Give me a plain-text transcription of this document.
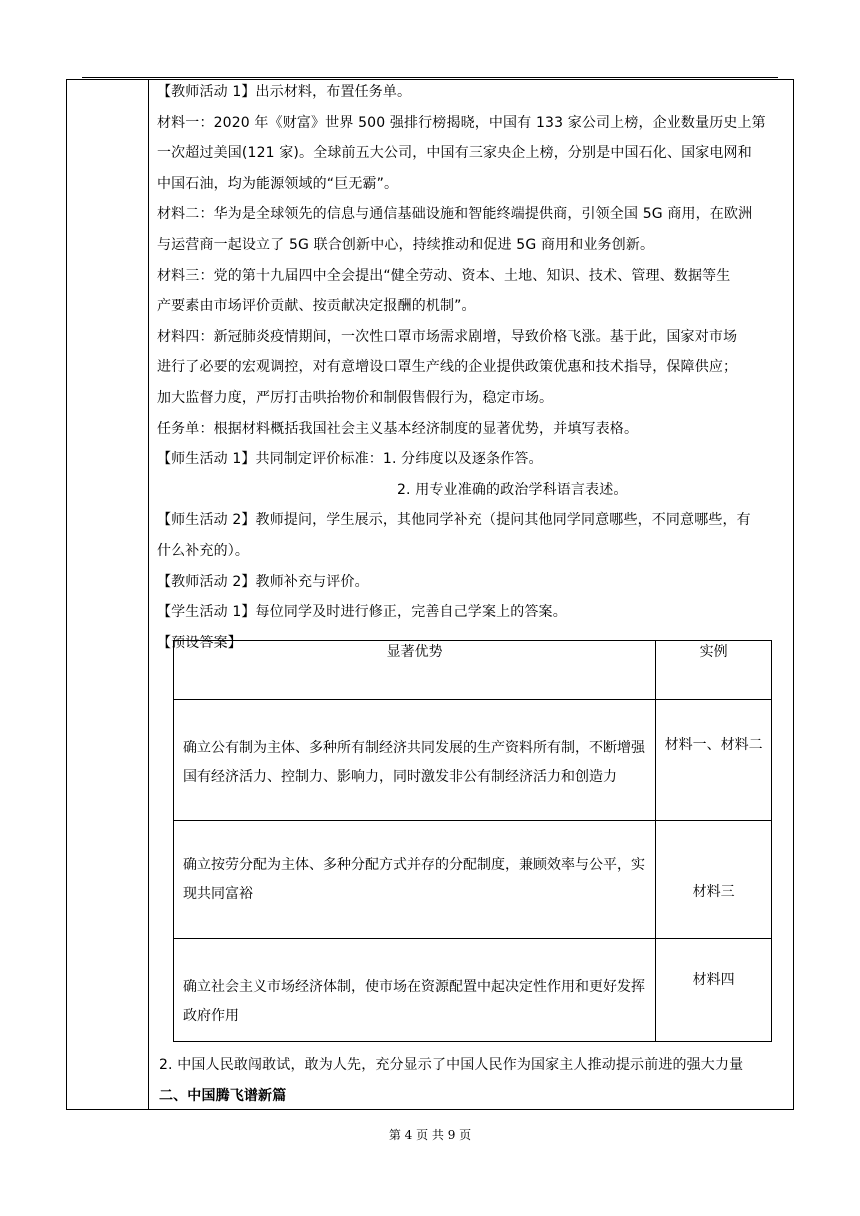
【教师活动 1】出示材料，布置任务单。
材料一：2020 年《财富》世界 500 强排行榜揭晓，中国有 133 家公司上榜，企业数量历史上第
一次超过美国(121 家)。全球前五大公司，中国有三家央企上榜，分别是中国石化、国家电网和
中国石油，均为能源领域的“巨无霸”。
材料二：华为是全球领先的信息与通信基础设施和智能终端提供商，引领全国 5G 商用，在欧洲
与运营商一起设立了 5G 联合创新中心，持续推动和促进 5G 商用和业务创新。
材料三：党的第十九届四中全会提出“健全劳动、资本、土地、知识、技术、管理、数据等生
产要素由市场评价贡献、按贡献决定报酬的机制”。
材料四：新冠肺炎疫情期间，一次性口罩市场需求剧增，导致价格飞涨。基于此，国家对市场
进行了必要的宏观调控，对有意增设口罩生产线的企业提供政策优惠和技术指导，保障供应；
加大监督力度，严厉打击哄抬物价和制假售假行为，稳定市场。
任务单：根据材料概括我国社会主义基本经济制度的显著优势，并填写表格。
【师生活动 1】共同制定评价标准：1. 分纬度以及逐条作答。
2. 用专业准确的政治学科语言表述。
【师生活动 2】教师提问，学生展示，其他同学补充（提问其他同学同意哪些，不同意哪些，有
什么补充的）。
【教师活动 2】教师补充与评价。
【学生活动 1】每位同学及时进行修正，完善自己学案上的答案。
【预设答案】
显著优势	实例
确立公有制为主体、多种所有制经济共同发展的生产资料所有制，不断增强国有经济活力、控制力、影响力，同时激发非公有制经济活力和创造力	材料一、材料二
确立按劳分配为主体、多种分配方式并存的分配制度，兼顾效率与公平，实现共同富裕	材料三
确立社会主义市场经济体制，使市场在资源配置中起决定性作用和更好发挥政府作用	材料四
2. 中国人民敢闯敢试，敢为人先，充分显示了中国人民作为国家主人推动提示前进的强大力量
二、中国腾飞谱新篇
第 4 页 共 9 页
